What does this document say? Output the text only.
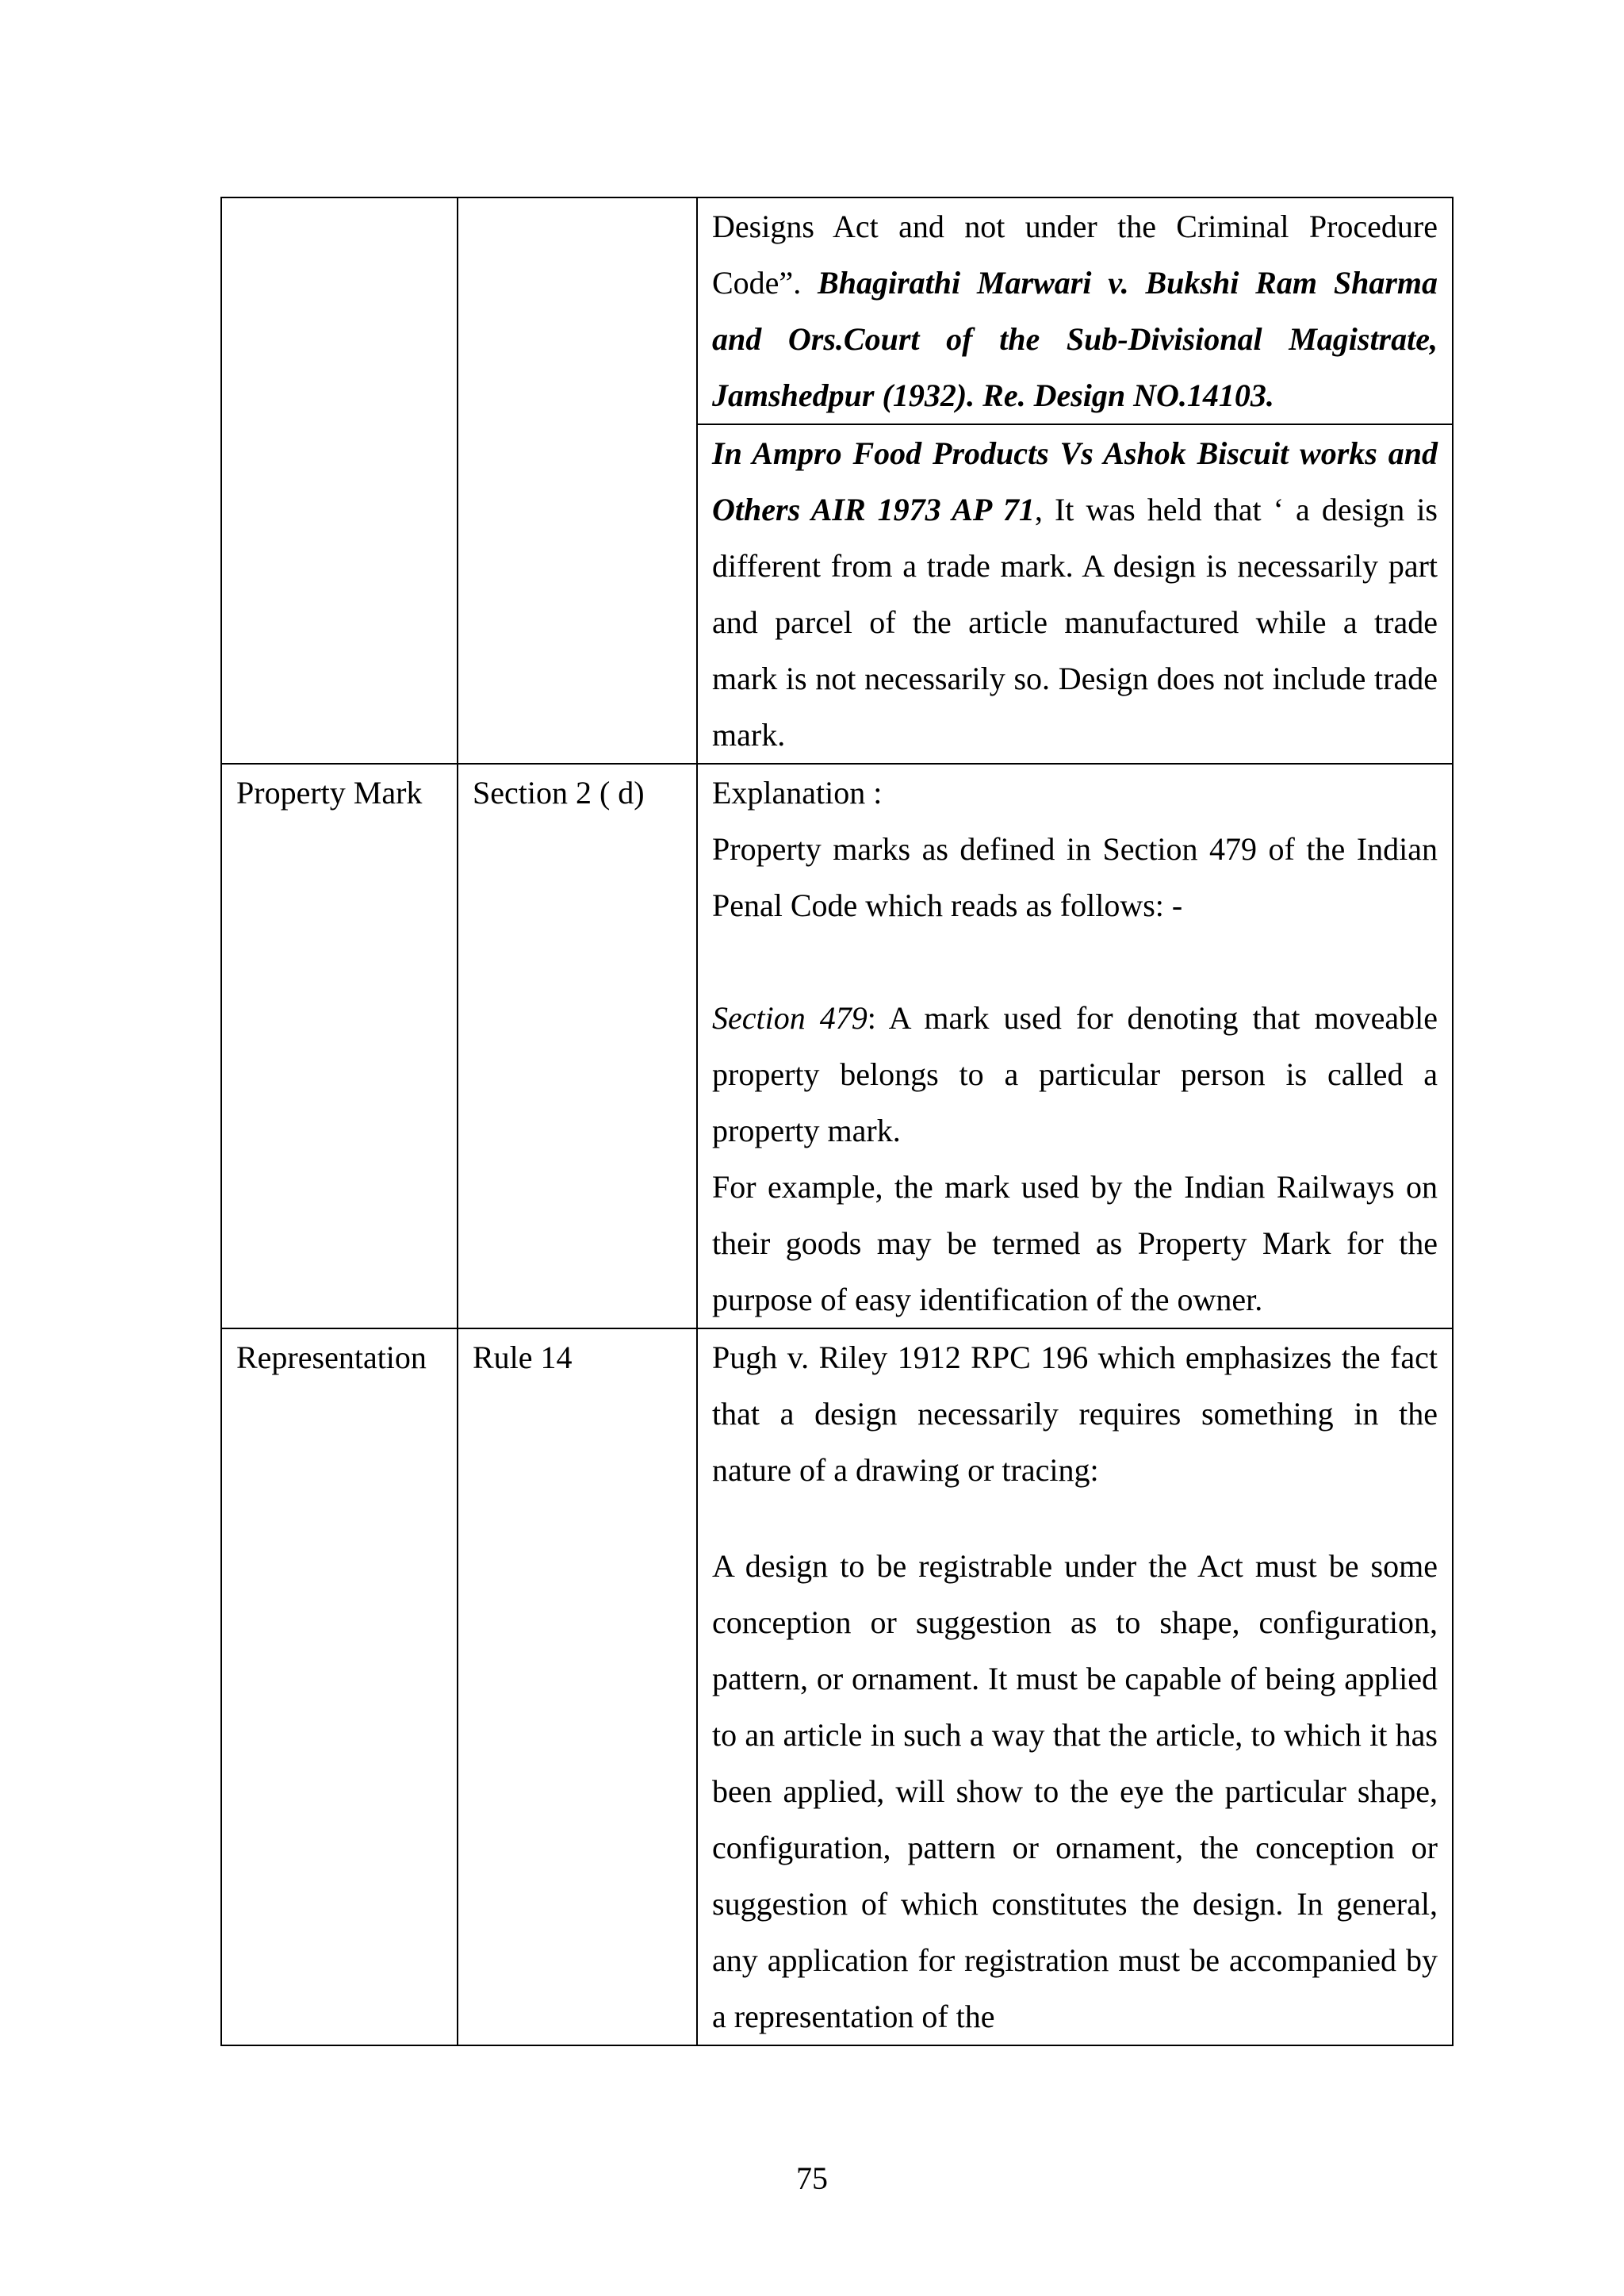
		Designs Act and not under the Criminal Procedure Code”. Bhagirathi Marwari v. Bukshi Ram Sharma and Ors.Court of the Sub-Divisional Magistrate, Jamshedpur (1932). Re. Design NO.14103.
		In Ampro Food Products Vs Ashok Biscuit works and Others AIR 1973 AP 71, It was held that ‘ a design is different from a trade mark. A design is necessarily part and parcel of the article manufactured while a trade mark is not necessarily so. Design does not include trade mark.
Property Mark	Section 2 ( d)	Explanation :

Property marks as defined in Section 479 of the Indian Penal Code which reads as follows: -

Section 479: A mark used for denoting that moveable property belongs to a particular person is called a property mark.

For example, the mark used by the Indian Railways on their goods may be termed as Property Mark for the purpose of easy identification of the owner.

Representation	Rule 14	Pugh v. Riley 1912 RPC 196 which emphasizes the fact that a design necessarily requires something in the nature of a drawing or tracing:

A design to be registrable under the Act must be some conception or suggestion as to shape, configuration, pattern, or ornament. It must be capable of being applied to an article in such a way that the article, to which it has been applied, will show to the eye the particular shape, configuration, pattern or ornament, the conception or suggestion of which constitutes the design. In general, any application for registration must be accompanied by a representation of the

75
